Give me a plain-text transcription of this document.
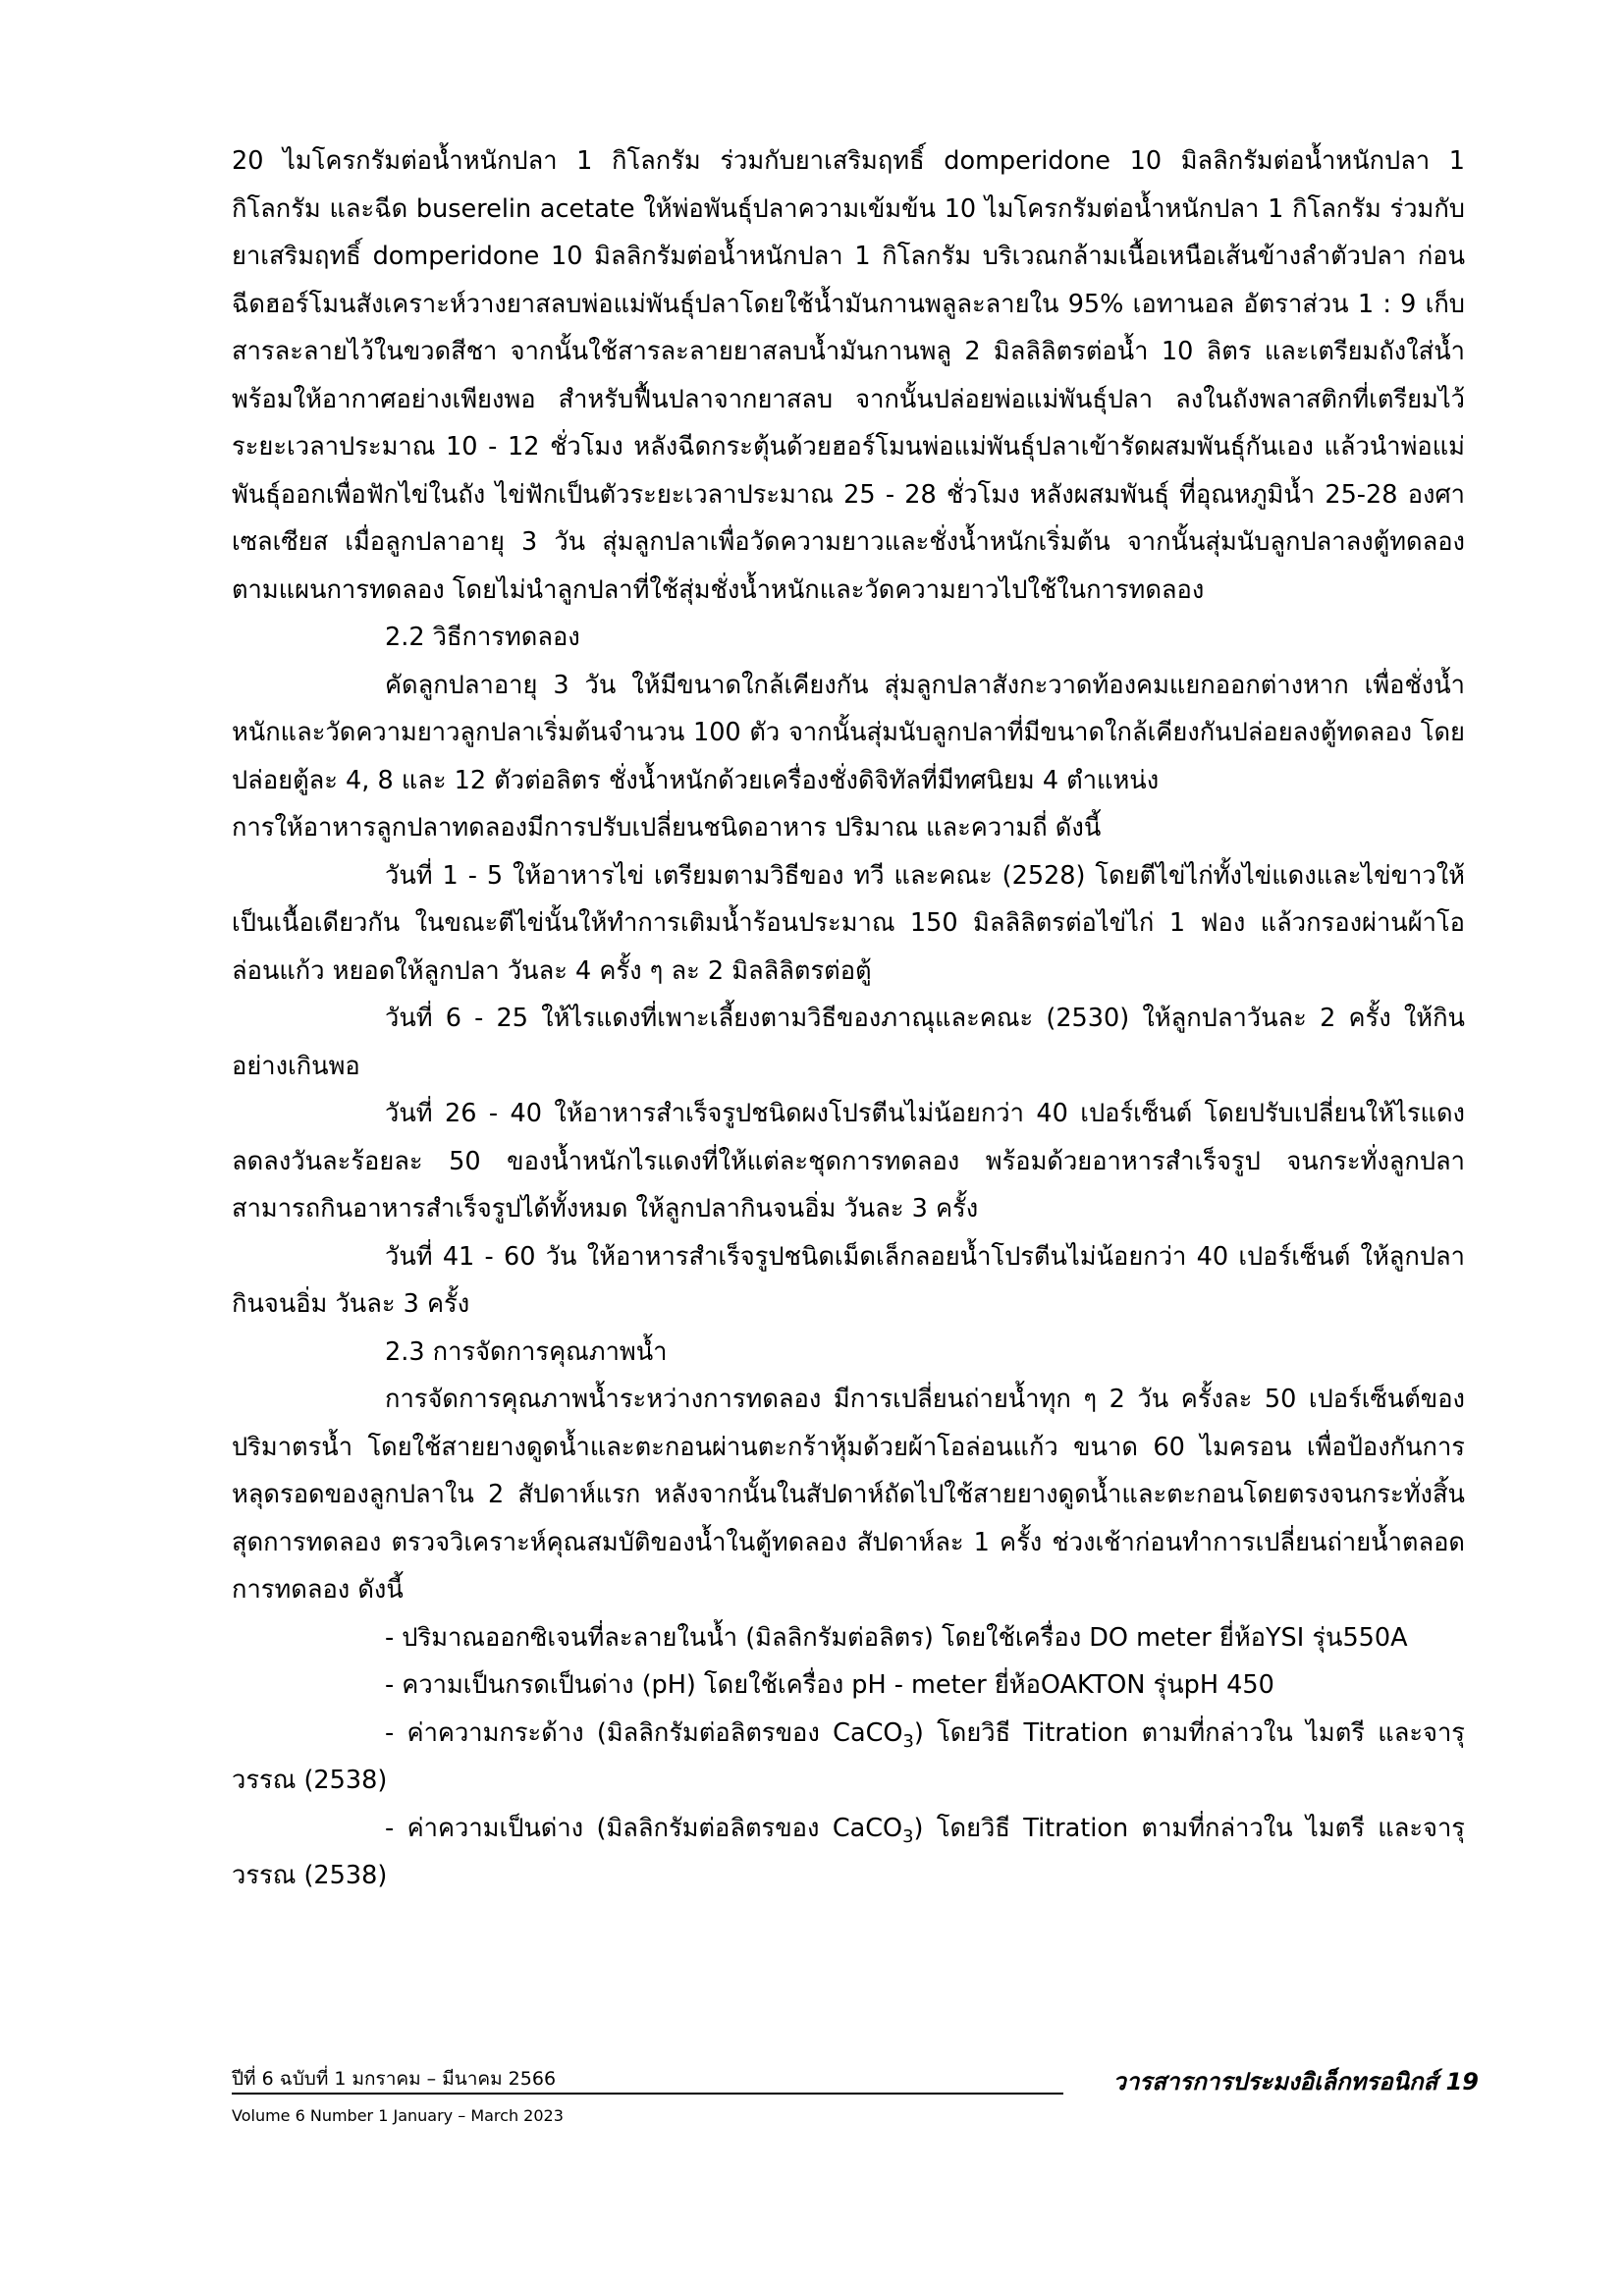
20 ไมโครกรัมต่อน้ำหนักปลา 1 กิโลกรัม ร่วมกับยาเสริมฤทธิ์ domperidone 10 มิลลิกรัมต่อน้ำหนักปลา 1 กิโลกรัม และฉีด buserelin acetate ให้พ่อพันธุ์ปลาความเข้มข้น 10 ไมโครกรัมต่อน้ำหนักปลา 1 กิโลกรัม ร่วมกับยาเสริมฤทธิ์ domperidone 10 มิลลิกรัมต่อน้ำหนักปลา 1 กิโลกรัม บริเวณกล้ามเนื้อเหนือเส้นข้างลำตัวปลา ก่อนฉีดฮอร์โมนสังเคราะห์วางยาสลบพ่อแม่พันธุ์ปลาโดยใช้น้ำมันกานพลูละลายใน 95% เอทานอล อัตราส่วน 1 : 9 เก็บสารละลายไว้ในขวดสีชา จากนั้นใช้สารละลายยาสลบน้ำมันกานพลู 2 มิลลิลิตรต่อน้ำ 10 ลิตร และเตรียมถังใส่น้ำพร้อมให้อากาศอย่างเพียงพอ สำหรับฟื้นปลาจากยาสลบ จากนั้นปล่อยพ่อแม่พันธุ์ปลา ลงในถังพลาสติกที่เตรียมไว้ ระยะเวลาประมาณ 10 - 12 ชั่วโมง หลังฉีดกระตุ้นด้วยฮอร์โมนพ่อแม่พันธุ์ปลาเข้ารัดผสมพันธุ์กันเอง แล้วนำพ่อแม่พันธุ์ออกเพื่อฟักไข่ในถัง ไข่ฟักเป็นตัวระยะเวลาประมาณ 25 - 28 ชั่วโมง หลังผสมพันธุ์ ที่อุณหภูมิน้ำ 25-28 องศาเซลเซียส เมื่อลูกปลาอายุ 3 วัน สุ่มลูกปลาเพื่อวัดความยาวและชั่งน้ำหนักเริ่มต้น จากนั้นสุ่มนับลูกปลาลงตู้ทดลองตามแผนการทดลอง โดยไม่นำลูกปลาที่ใช้สุ่มชั่งน้ำหนักและวัดความยาวไปใช้ในการทดลอง

2.2 วิธีการทดลอง

คัดลูกปลาอายุ 3 วัน ให้มีขนาดใกล้เคียงกัน สุ่มลูกปลาสังกะวาดท้องคมแยกออกต่างหาก เพื่อชั่งน้ำหนักและวัดความยาวลูกปลาเริ่มต้นจำนวน 100 ตัว จากนั้นสุ่มนับลูกปลาที่มีขนาดใกล้เคียงกันปล่อยลงตู้ทดลอง โดยปล่อยตู้ละ 4, 8 และ 12 ตัวต่อลิตร ชั่งน้ำหนักด้วยเครื่องชั่งดิจิทัลที่มีทศนิยม 4 ตำแหน่ง

การให้อาหารลูกปลาทดลองมีการปรับเปลี่ยนชนิดอาหาร ปริมาณ และความถี่ ดังนี้

วันที่ 1 - 5 ให้อาหารไข่ เตรียมตามวิธีของ ทวี และคณะ (2528) โดยตีไข่ไก่ทั้งไข่แดงและไข่ขาวให้เป็นเนื้อเดียวกัน ในขณะตีไข่นั้นให้ทำการเติมน้ำร้อนประมาณ 150 มิลลิลิตรต่อไข่ไก่ 1 ฟอง แล้วกรองผ่านผ้าโอล่อนแก้ว หยอดให้ลูกปลา วันละ 4 ครั้ง ๆ ละ 2 มิลลิลิตรต่อตู้

วันที่ 6 - 25 ให้ไรแดงที่เพาะเลี้ยงตามวิธีของภาณุและคณะ (2530) ให้ลูกปลาวันละ 2 ครั้ง ให้กินอย่างเกินพอ

วันที่ 26 - 40 ให้อาหารสำเร็จรูปชนิดผงโปรตีนไม่น้อยกว่า 40 เปอร์เซ็นต์ โดยปรับเปลี่ยนให้ไรแดงลดลงวันละร้อยละ 50 ของน้ำหนักไรแดงที่ให้แต่ละชุดการทดลอง พร้อมด้วยอาหารสำเร็จรูป จนกระทั่งลูกปลาสามารถกินอาหารสำเร็จรูปได้ทั้งหมด ให้ลูกปลากินจนอิ่ม วันละ 3 ครั้ง

วันที่ 41 - 60 วัน ให้อาหารสำเร็จรูปชนิดเม็ดเล็กลอยน้ำโปรตีนไม่น้อยกว่า 40 เปอร์เซ็นต์ ให้ลูกปลากินจนอิ่ม วันละ 3 ครั้ง

2.3 การจัดการคุณภาพน้ำ

การจัดการคุณภาพน้ำระหว่างการทดลอง มีการเปลี่ยนถ่ายน้ำทุก ๆ 2 วัน ครั้งละ 50 เปอร์เซ็นต์ของปริมาตรน้ำ โดยใช้สายยางดูดน้ำและตะกอนผ่านตะกร้าหุ้มด้วยผ้าโอล่อนแก้ว ขนาด 60 ไมครอน เพื่อป้องกันการหลุดรอดของลูกปลาใน 2 สัปดาห์แรก หลังจากนั้นในสัปดาห์ถัดไปใช้สายยางดูดน้ำและตะกอนโดยตรงจนกระทั่งสิ้นสุดการทดลอง ตรวจวิเคราะห์คุณสมบัติของน้ำในตู้ทดลอง สัปดาห์ละ 1 ครั้ง ช่วงเช้าก่อนทำการเปลี่ยนถ่ายน้ำตลอดการทดลอง ดังนี้

- ปริมาณออกซิเจนที่ละลายในน้ำ (มิลลิกรัมต่อลิตร) โดยใช้เครื่อง DO meter ยี่ห้อYSI รุ่น550A

- ความเป็นกรดเป็นด่าง (pH) โดยใช้เครื่อง pH - meter ยี่ห้อOAKTON รุ่นpH 450

- ค่าความกระด้าง (มิลลิกรัมต่อลิตรของ CaCO$_3$) โดยวิธี Titration ตามที่กล่าวใน ไมตรี และจารุวรรณ (2538)

- ค่าความเป็นด่าง (มิลลิกรัมต่อลิตรของ CaCO$_3$) โดยวิธี Titration ตามที่กล่าวใน ไมตรี และจารุวรรณ (2538)

ปีที่ 6 ฉบับที่ 1 มกราคม – มีนาคม 2566
Volume 6 Number 1 January – March 2023
วารสารการประมงอิเล็กทรอนิกส์ 19
